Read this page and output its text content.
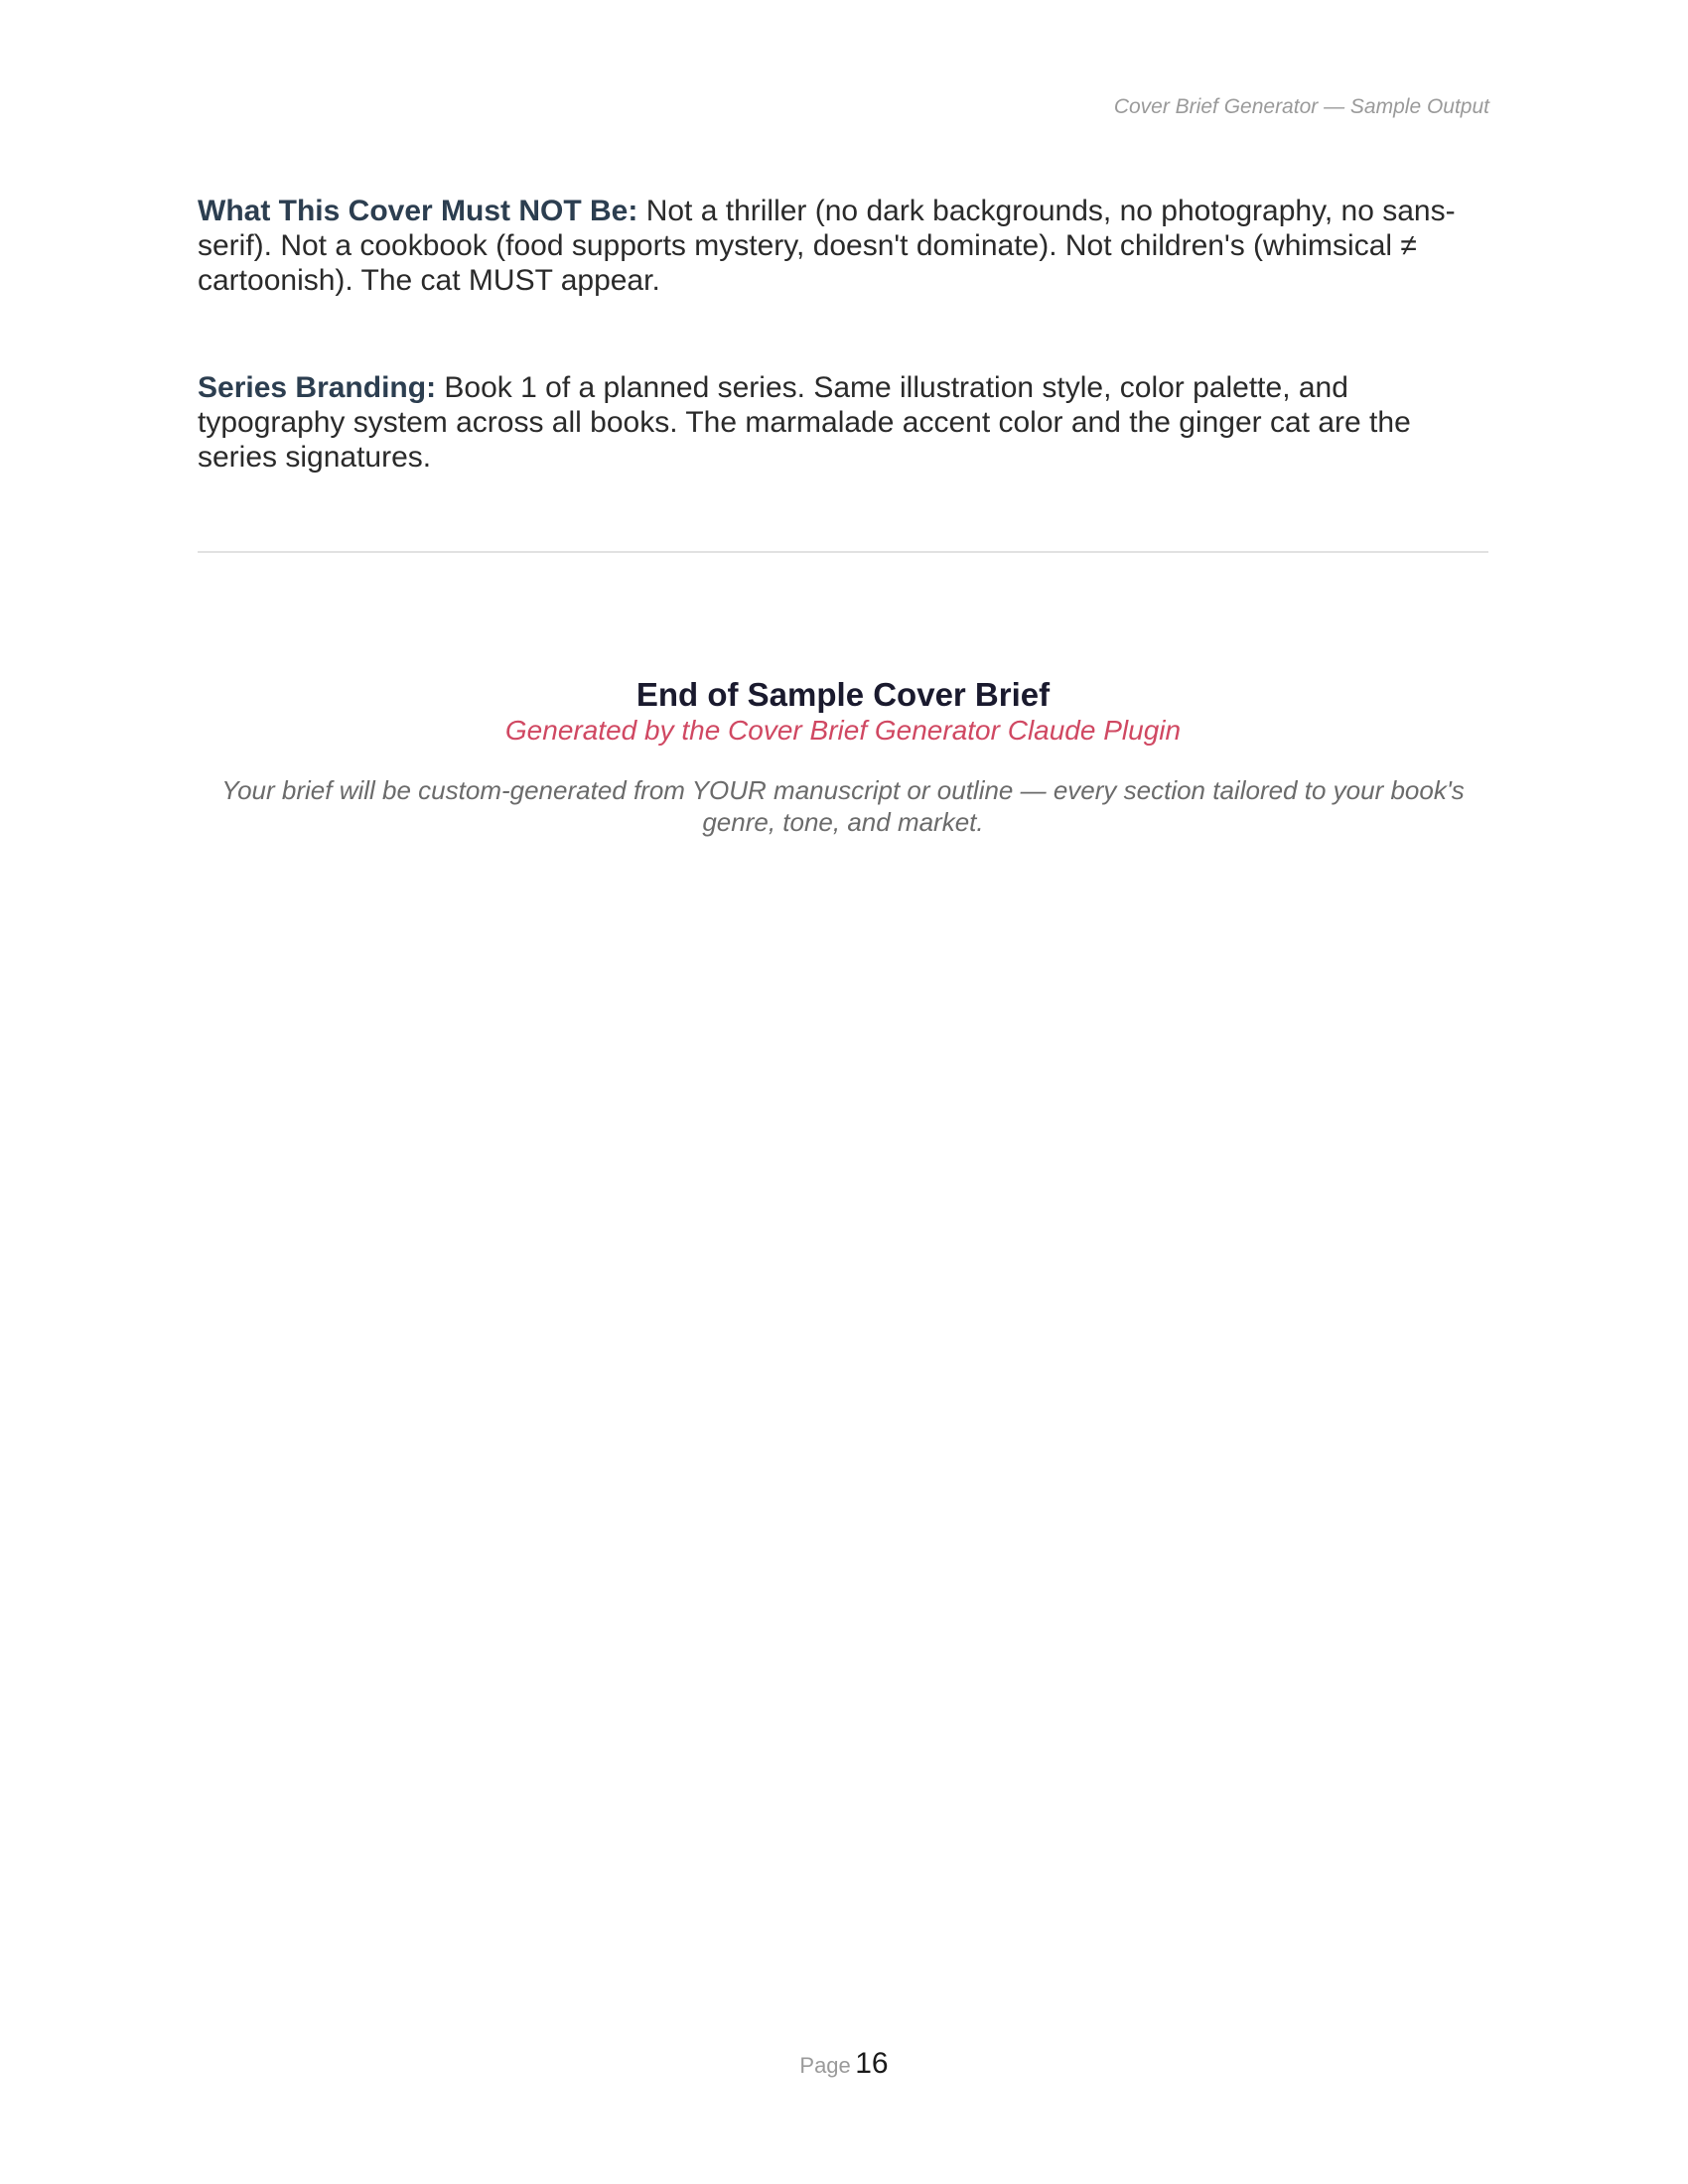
Cover Brief Generator — Sample Output

What This Cover Must NOT Be: Not a thriller (no dark backgrounds, no photography, no sans-serif). Not a cookbook (food supports mystery, doesn't dominate). Not children's (whimsical ≠ cartoonish). The cat MUST appear.

Series Branding: Book 1 of a planned series. Same illustration style, color palette, and typography system across all books. The marmalade accent color and the ginger cat are the series signatures.

End of Sample Cover Brief
Generated by the Cover Brief Generator Claude Plugin
Your brief will be custom-generated from YOUR manuscript or outline — every section tailored to your book's genre, tone, and market.
Page 16
